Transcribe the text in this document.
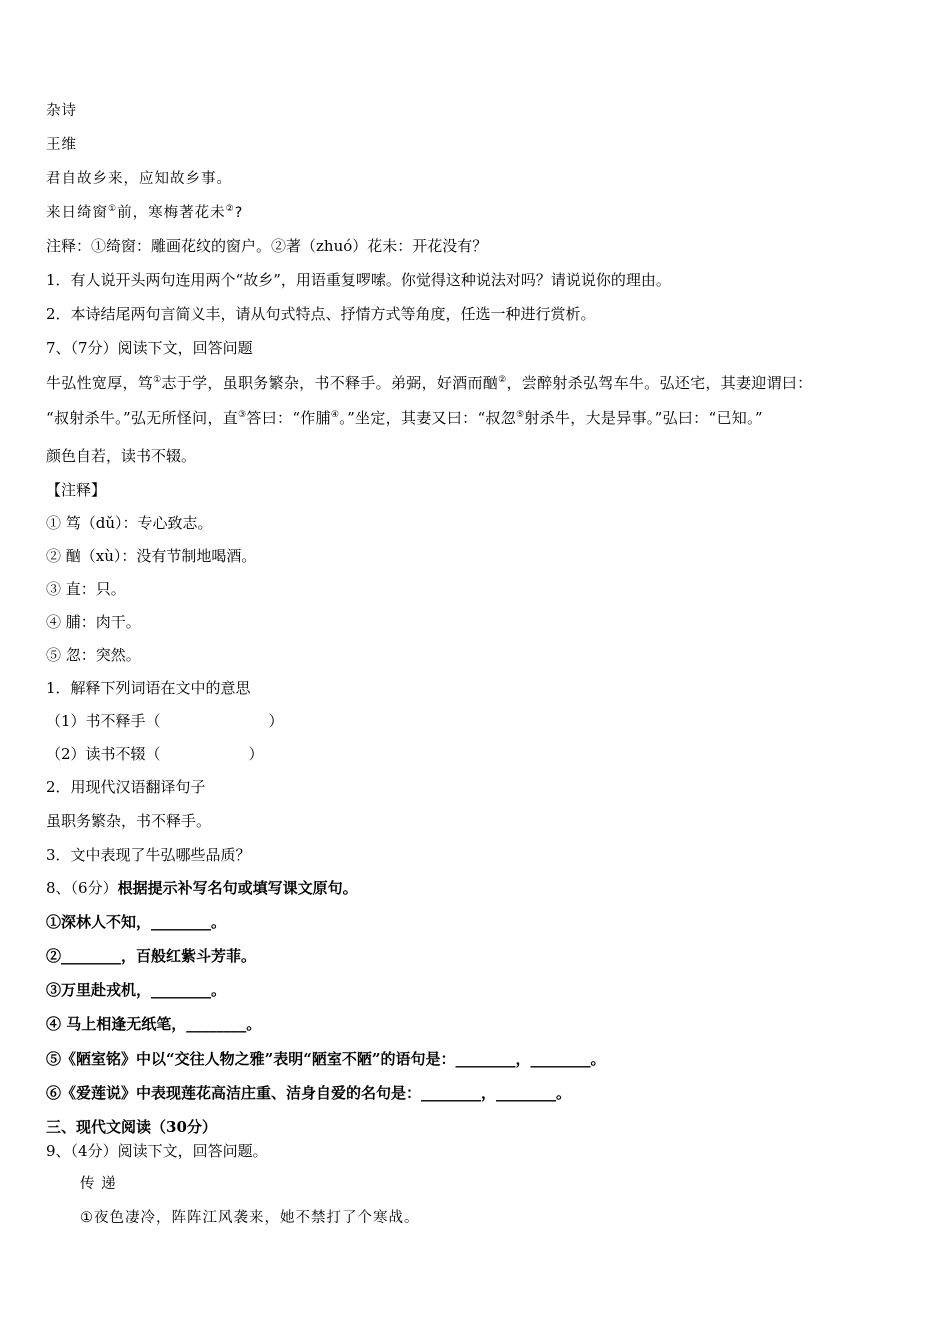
杂诗
王维
君自故乡来，应知故乡事。
来日绮窗①前，寒梅著花未②?
注释：①绮窗：雕画花纹的窗户。②著（zhuó）花未：开花没有？
1．有人说开头两句连用两个“故乡”，用语重复啰嗦。你觉得这种说法对吗？请说说你的理由。
2．本诗结尾两句言简义丰，请从句式特点、抒情方式等角度，任选一种进行赏析。
7、（7分）阅读下文，回答问题
牛弘性宽厚，笃①志于学，虽职务繁杂，书不释手。弟弼，好酒而酗②，尝醉射杀弘驾车牛。弘还宅，其妻迎谓曰：
“叔射杀牛。”弘无所怪问，直③答曰：“作脯④。”坐定，其妻又曰：“叔忽⑤射杀牛，大是异事。”弘曰：“已知。”
颜色自若，读书不辍。
【注释】
① 笃（dǔ）：专心致志。
② 酗（xù）：没有节制地喝酒。
③ 直：只。
④ 脯：肉干。
⑤ 忽：突然。
1．解释下列词语在文中的意思
（1）书不释手（	）
（2）读书不辍（	）
2．用现代汉语翻译句子
虽职务繁杂，书不释手。
3．文中表现了牛弘哪些品质？
8、（6分）根据提示补写名句或填写课文原句。
①深林人不知，________。
②________，百般红紫斗芳菲。
③万里赴戎机，________。
④ 马上相逢无纸笔，________。
⑤《陋室铭》中以“交往人物之雅”表明“陋室不陋”的语句是：________，________。
⑥《爱莲说》中表现莲花高洁庄重、洁身自爱的名句是：________，________。
三、现代文阅读（30分）
9、（4分）阅读下文，回答问题。
传 递
①夜色凄冷，阵阵江风袭来，她不禁打了个寒战。
